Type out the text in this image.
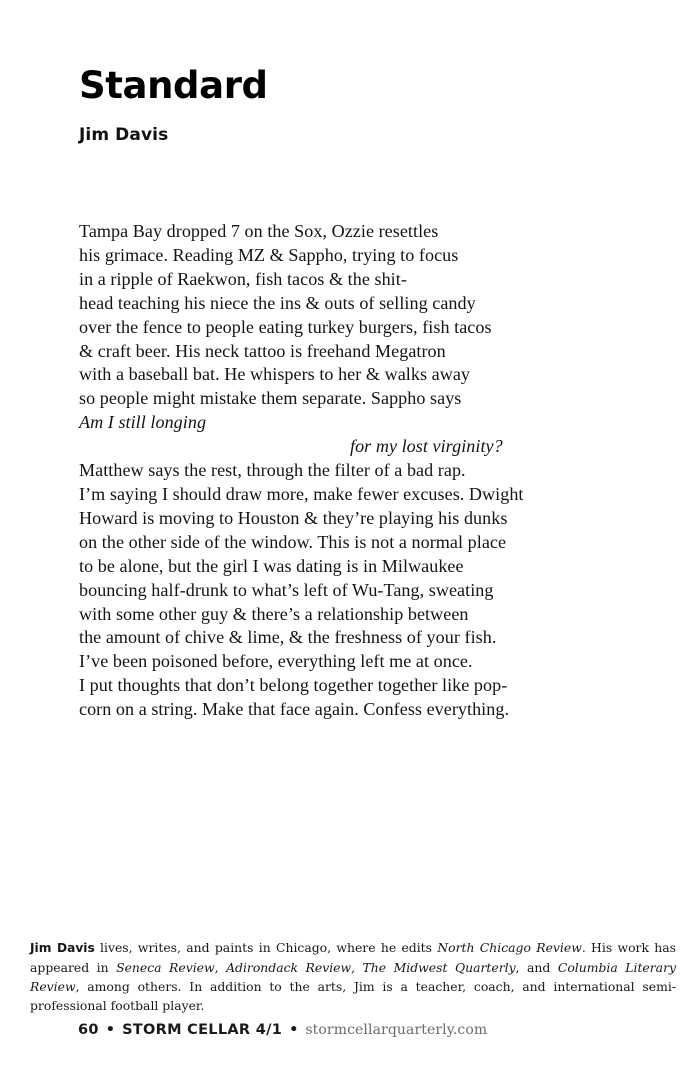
Standard
Jim Davis
Tampa Bay dropped 7 on the Sox, Ozzie resettles
his grimace. Reading MZ & Sappho, trying to focus
in a ripple of Raekwon, fish tacos & the shit-
head teaching his niece the ins & outs of selling candy
over the fence to people eating turkey burgers, fish tacos
& craft beer. His neck tattoo is freehand Megatron
with a baseball bat. He whispers to her & walks away
so people might mistake them separate. Sappho says
Am I still longing
for my lost virginity?
Matthew says the rest, through the filter of a bad rap.
I’m saying I should draw more, make fewer excuses. Dwight
Howard is moving to Houston & they’re playing his dunks
on the other side of the window. This is not a normal place
to be alone, but the girl I was dating is in Milwaukee
bouncing half-drunk to what’s left of Wu-Tang, sweating
with some other guy & there’s a relationship between
the amount of chive & lime, & the freshness of your fish.
I’ve been poisoned before, everything left me at once.
I put thoughts that don’t belong together together like pop-
corn on a string. Make that face again. Confess everything.
Jim Davis lives, writes, and paints in Chicago, where he edits North Chicago Review. His work has appeared in Seneca Review, Adirondack Review, The Midwest Quarterly, and Columbia Literary Review, among others. In addition to the arts, Jim is a teacher, coach, and international semi-professional football player.
60 • STORM CELLAR 4/1 • stormcellarquarterly.com
